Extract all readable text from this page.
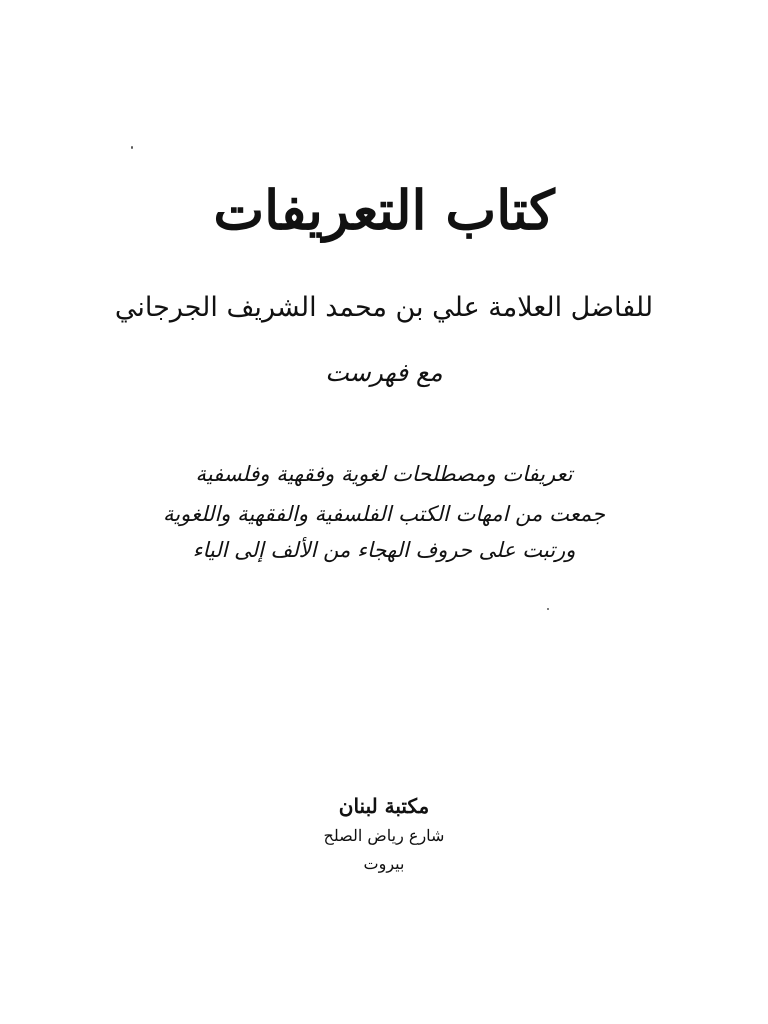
كتاب التعريفات
للفاضل العلامة علي بن محمد الشريف الجرجاني
مع فهرست
تعريفات ومصطلحات لغوية وفقهية وفلسفية
جمعت من امهات الكتب الفلسفية والفقهية واللغوية
ورتبت على حروف الهجاء من الألف إلى الياء
مكتبة لبنان
شارع رياض الصلح
بيروت
